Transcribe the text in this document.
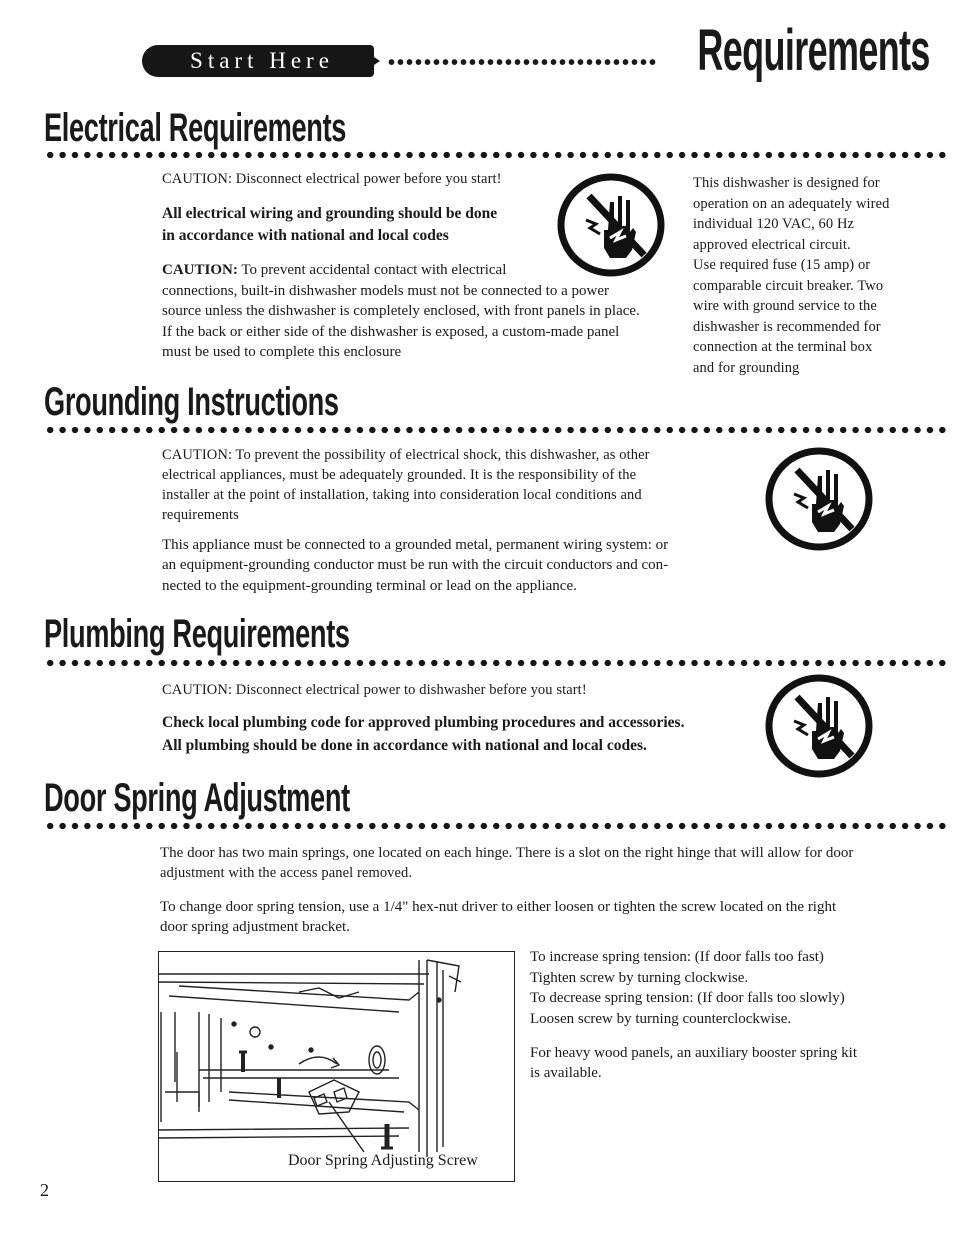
Start Here	•••••••••••••••••••••••••••••• Requirements
Electrical Requirements
CAUTION: Disconnect electrical power before you start!
All electrical wiring and grounding should be done
in accordance with national and local codes
CAUTION: To prevent accidental contact with electrical
connections, built-in dishwasher models must not be connected to a power
source unless the dishwasher is completely enclosed, with front panels in place.
If the back or either side of the dishwasher is exposed, a custom-made panel
must be used to complete this enclosure
This dishwasher is designed for
operation on an adequately wired
individual 120 VAC, 60 Hz
approved electrical circuit.
Use required fuse (15 amp) or
comparable circuit breaker. Two
wire with ground service to the
dishwasher is recommended for
connection at the terminal box
and for grounding
Grounding Instructions
CAUTION: To prevent the possibility of electrical shock, this dishwasher, as other
electrical appliances, must be adequately grounded. It is the responsibility of the
installer at the point of installation, taking into consideration local conditions and
requirements
This appliance must be connected to a grounded metal, permanent wiring system: or
an equipment-grounding conductor must be run with the circuit conductors and con-
nected to the equipment-grounding terminal or lead on the appliance.
Plumbing Requirements
CAUTION: Disconnect electrical power to dishwasher before you start!
Check local plumbing code for approved plumbing procedures and accessories.
All plumbing should be done in accordance with national and local codes.
Door Spring Adjustment
The door has two main springs, one located on each hinge. There is a slot on the right hinge that will allow for door
adjustment with the access panel removed.
To change door spring tension, use a 1/4" hex-nut driver to either loosen or tighten the screw located on the right
door spring adjustment bracket.
To increase spring tension: (If door falls too fast)
Tighten screw by turning clockwise.
To decrease spring tension: (If door falls too slowly)
Loosen screw by turning counterclockwise.
For heavy wood panels, an auxiliary booster spring kit
is available.
Door Spring Adjusting Screw
2
